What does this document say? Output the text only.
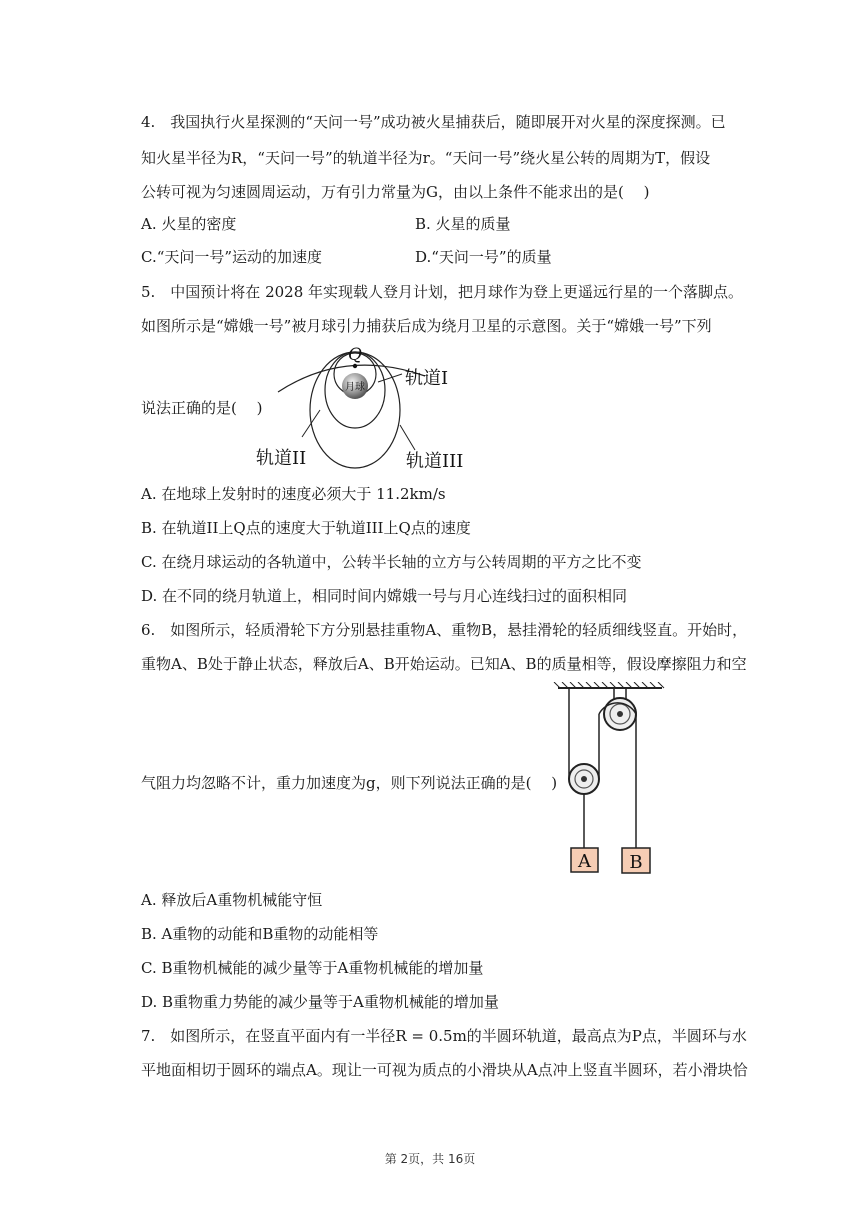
4.　我国执行火星探测的“天问一号”成功被火星捕获后，随即展开对火星的深度探测。已
知火星半径为R，“天问一号”的轨道半径为r。“天问一号”绕火星公转的周期为T，假设
公转可视为匀速圆周运动，万有引力常量为G，由以上条件不能求出的是(　 )
A. 火星的密度	B. 火星的质量
C.“天问一号”运动的加速度	D.“天问一号”的质量
5.　中国预计将在 2028 年实现载人登月计划，把月球作为登上更遥远行星的一个落脚点。
如图所示是“嫦娥一号”被月球引力捕获后成为绕月卫星的示意图。关于“嫦娥一号”下列
说法正确的是(　 )
月球
Q
轨道I
轨道II	轨道III
A. 在地球上发射时的速度必须大于 11.2km/s
B. 在轨道II上Q点的速度大于轨道III上Q点的速度
C. 在绕月球运动的各轨道中，公转半长轴的立方与公转周期的平方之比不变
D. 在不同的绕月轨道上，相同时间内嫦娥一号与月心连线扫过的面积相同
6.　如图所示，轻质滑轮下方分别悬挂重物A、重物B，悬挂滑轮的轻质细线竖直。开始时，
重物A、B处于静止状态，释放后A、B开始运动。已知A、B的质量相等，假设摩擦阻力和空
气阻力均忽略不计，重力加速度为g，则下列说法正确的是(　 )
A B
A. 释放后A重物机械能守恒
B. A重物的动能和B重物的动能相等
C. B重物机械能的减少量等于A重物机械能的增加量
D. B重物重力势能的减少量等于A重物机械能的增加量
7.　如图所示，在竖直平面内有一半径R = 0.5m的半圆环轨道，最高点为P点，半圆环与水
平地面相切于圆环的端点A。现让一可视为质点的小滑块从A点冲上竖直半圆环，若小滑块恰
第 2页，共 16页
